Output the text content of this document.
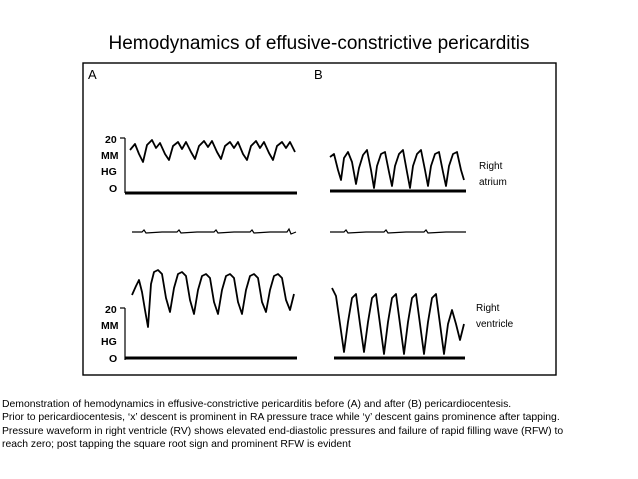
Hemodynamics of effusive-constrictive pericarditis
A	B
20
MM
HG
O
20
MM
HG
O
Right
atrium
Right
ventricle
Demonstration of hemodynamics in effusive-constrictive pericarditis before (A) and after (B) pericardiocentesis.
Prior to pericardiocentesis, ‘x’ descent is prominent in RA pressure trace while ‘y’ descent gains prominence after tapping.
Pressure waveform in right ventricle (RV) shows elevated end-diastolic pressures and failure of rapid filling wave (RFW) to
reach zero; post tapping the square root sign and prominent RFW is evident
